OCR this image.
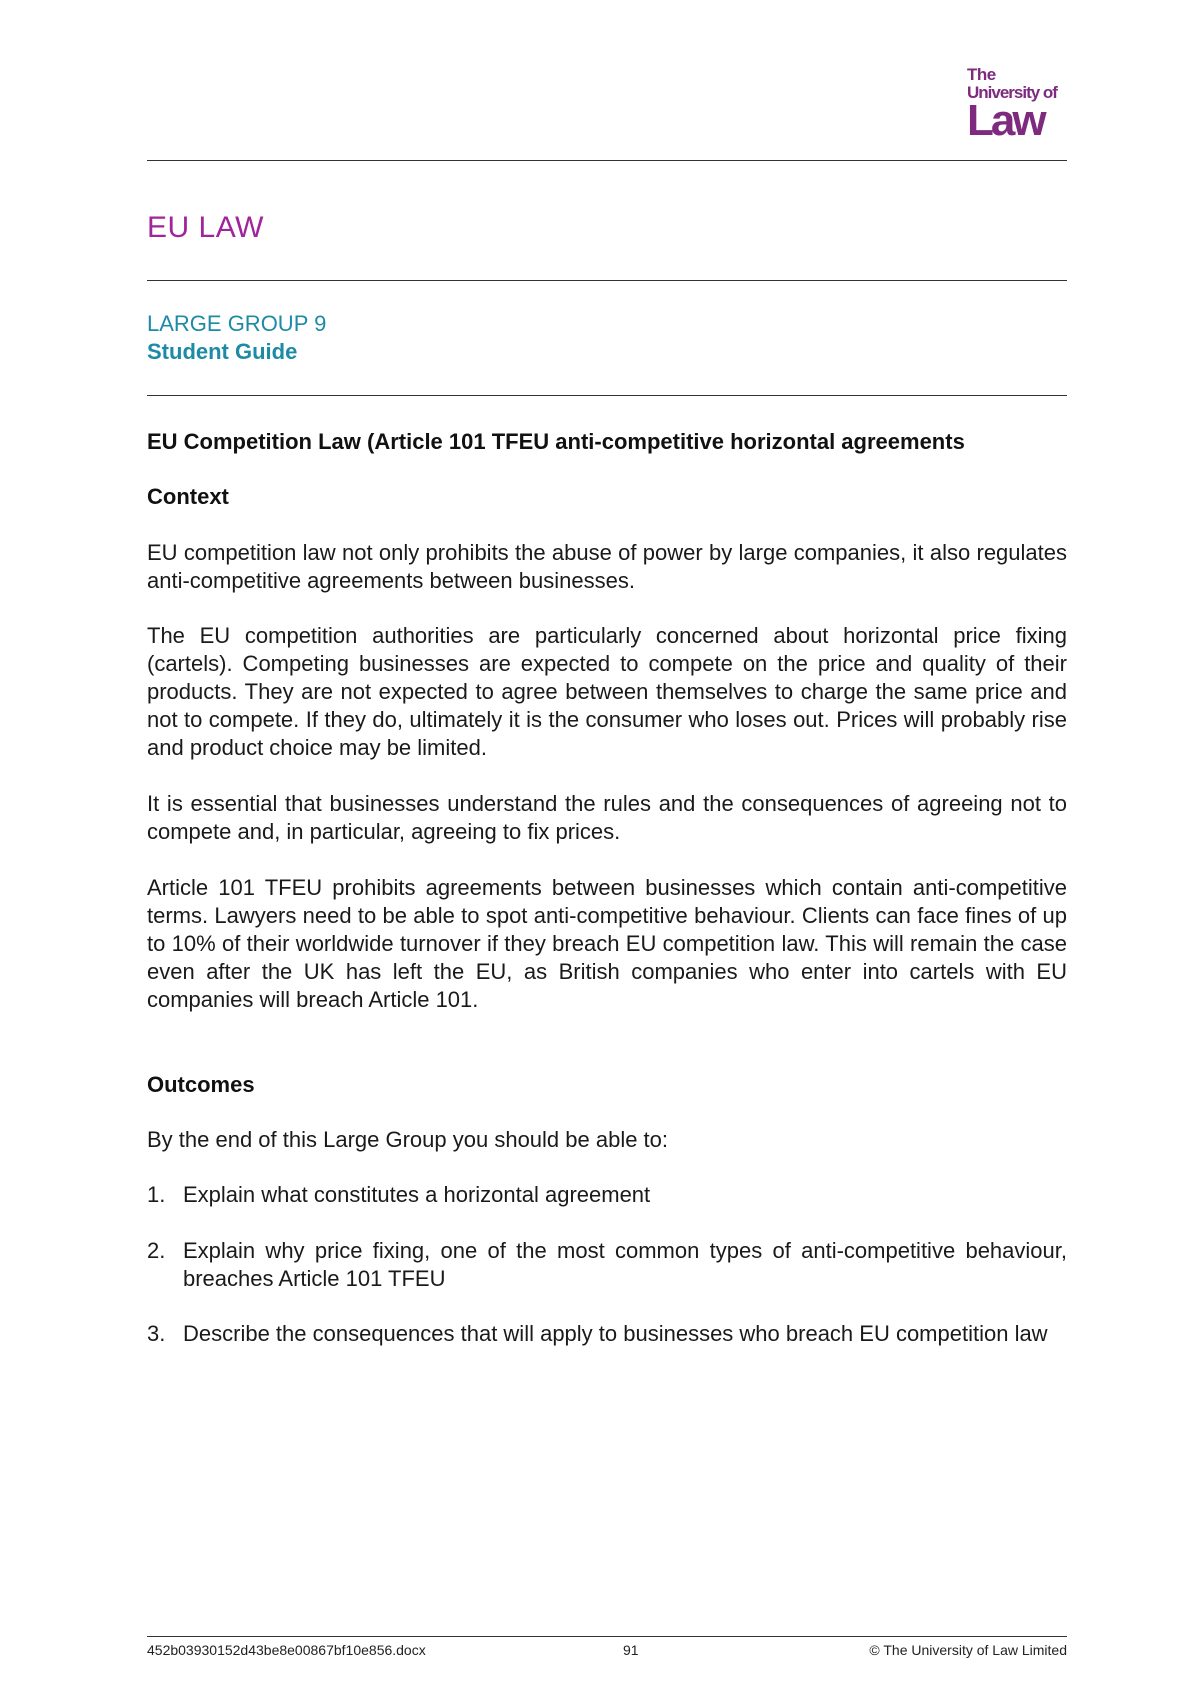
The
University of
Law
EU LAW
LARGE GROUP 9
Student Guide
EU Competition Law (Article 101 TFEU anti-competitive horizontal agreements
Context
EU competition law not only prohibits the abuse of power by large companies, it also regulates anti-competitive agreements between businesses.
The EU competition authorities are particularly concerned about horizontal price fixing (cartels). Competing businesses are expected to compete on the price and quality of their products. They are not expected to agree between themselves to charge the same price and not to compete. If they do, ultimately it is the consumer who loses out. Prices will probably rise and product choice may be limited.
It is essential that businesses understand the rules and the consequences of agreeing not to compete and, in particular, agreeing to fix prices.
Article 101 TFEU prohibits agreements between businesses which contain anti-competitive terms. Lawyers need to be able to spot anti-competitive behaviour. Clients can face fines of up to 10% of their worldwide turnover if they breach EU competition law. This will remain the case even after the UK has left the EU, as British companies who enter into cartels with EU companies will breach Article 101.
Outcomes
By the end of this Large Group you should be able to:
1. Explain what constitutes a horizontal agreement
2. Explain why price fixing, one of the most common types of anti-competitive behaviour, breaches Article 101 TFEU
3. Describe the consequences that will apply to businesses who breach EU competition law
452b03930152d43be8e00867bf10e856.docx	91	© The University of Law Limited
